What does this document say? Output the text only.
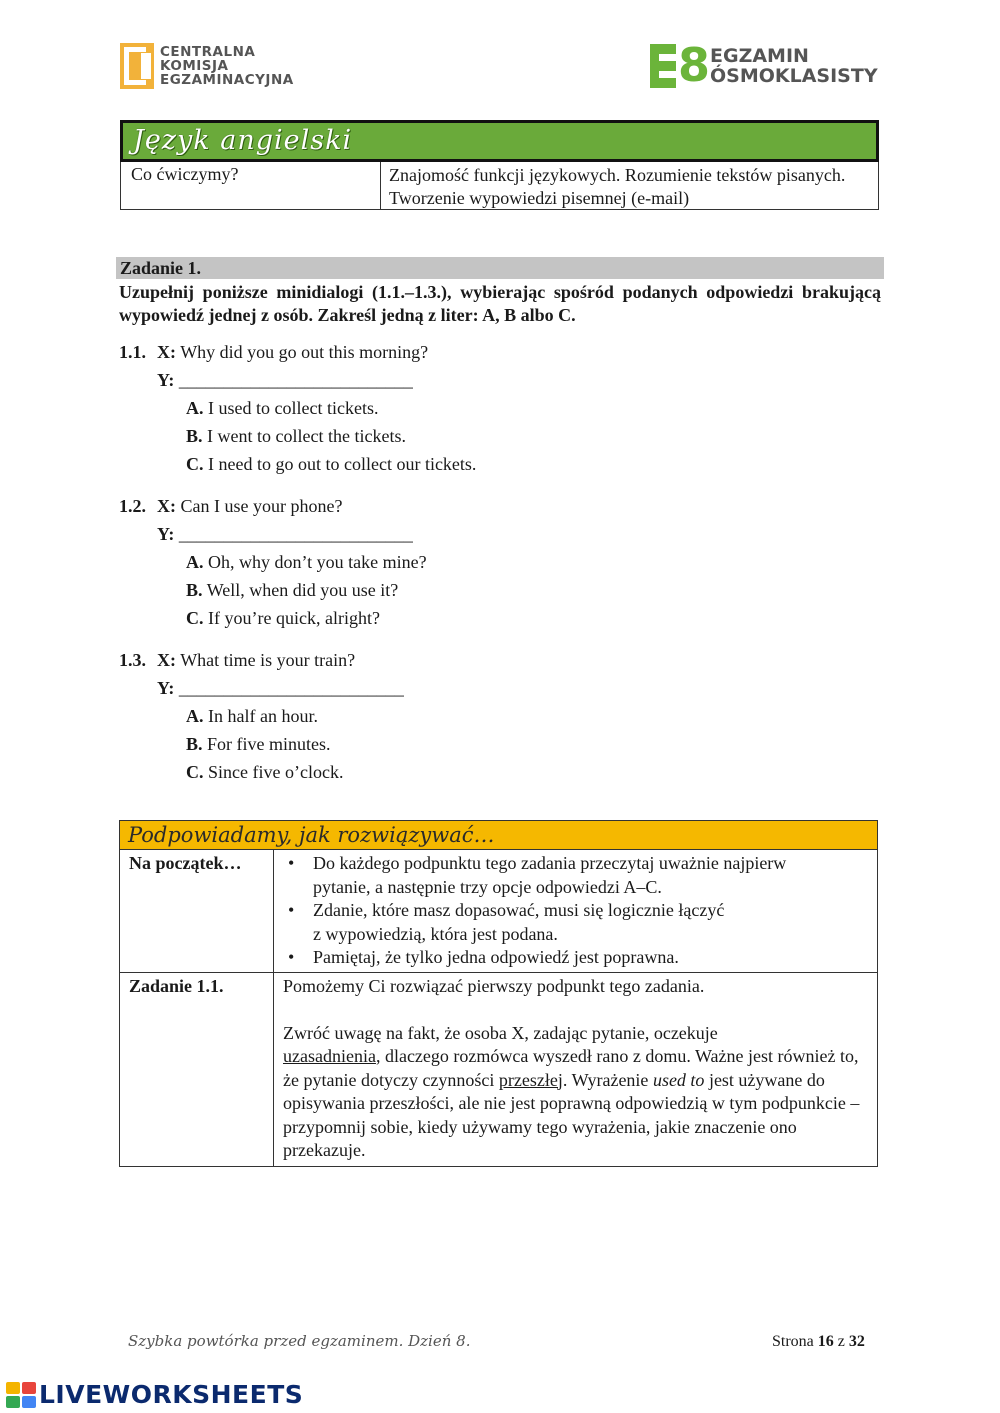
CENTRALNA
KOMISJA
EGZAMINACYJNA	8 EGZAMIN
ÓSMOKLASISTY
Język angielski
Co ćwiczymy?	Znajomość funkcji językowych. Rozumienie tekstów pisanych. Tworzenie wypowiedzi pisemnej (e-mail)
Zadanie 1.
Uzupełnij poniższe minidialogi (1.1.–1.3.), wybierając spośród podanych odpowiedzi brakującą wypowiedź jednej z osób. Zakreśl jedną z liter: A, B albo C.
1.1. X: Why did you go out this morning?
Y: __________________________
A. I used to collect tickets.
B. I went to collect the tickets.
C. I need to go out to collect our tickets.
1.2. X: Can I use your phone?
Y: __________________________
A. Oh, why don’t you take mine?
B. Well, when did you use it?
C. If you’re quick, alright?
1.3. X: What time is your train?
Y: _________________________
A. In half an hour.
B. For five minutes.
C. Since five o’clock.
Podpowiadamy, jak rozwiązywać…
Na początek…	• Do każdego podpunktu tego zadania przeczytaj uważnie najpierw
pytanie, a następnie trzy opcje odpowiedzi A–C.
• Zdanie, które masz dopasować, musi się logicznie łączyć
z wypowiedzią, która jest podana.
• Pamiętaj, że tylko jedna odpowiedź jest poprawna.
Zadanie 1.1.	Pomożemy Ci rozwiązać pierwszy podpunkt tego zadania.

Zwróć uwagę na fakt, że osoba X, zadając pytanie, oczekuje
uzasadnienia, dlaczego rozmówca wyszedł rano z domu. Ważne jest również to, że pytanie dotyczy czynności przeszłej. Wyrażenie used to jest używane do opisywania przeszłości, ale nie jest poprawną odpowiedzią w tym podpunkcie – przypomnij sobie, kiedy używamy tego wyrażenia, jakie znaczenie ono przekazuje.

Szybka powtórka przed egzaminem. Dzień 8.	Strona 16 z 32
LIVEWORKSHEETS
